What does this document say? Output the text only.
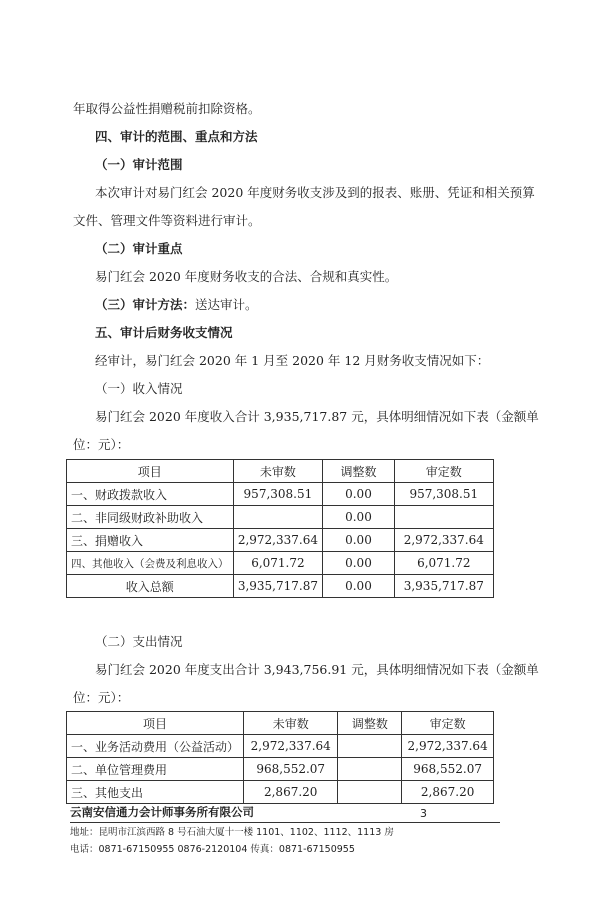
年取得公益性捐赠税前扣除资格。
四、审计的范围、重点和方法
（一）审计范围
本次审计对易门红会 2020 年度财务收支涉及到的报表、账册、凭证和相关预算
文件、管理文件等资料进行审计。
（二）审计重点
易门红会 2020 年度财务收支的合法、合规和真实性。
（三）审计方法：送达审计。
五、审计后财务收支情况
经审计，易门红会 2020 年 1 月至 2020 年 12 月财务收支情况如下：
（一）收入情况
易门红会 2020 年度收入合计 3,935,717.87 元，具体明细情况如下表（金额单
位：元）：
项目	未审数	调整数	审定数
一、财政拨款收入	957,308.51	0.00	957,308.51
二、非同级财政补助收入		0.00	
三、捐赠收入	2,972,337.64	0.00	2,972,337.64
四、其他收入（会费及利息收入）	6,071.72	0.00	6,071.72
收入总额	3,935,717.87	0.00	3,935,717.87
（二）支出情况
易门红会 2020 年度支出合计 3,943,756.91 元，具体明细情况如下表（金额单
位：元）：
项目	未审数	调整数	审定数
一、业务活动费用（公益活动）	2,972,337.64		2,972,337.64
二、单位管理费用	968,552.07		968,552.07
三、其他支出	2,867.20		2,867.20
云南安信通力会计师事务所有限公司	3
地址：昆明市江滨西路 8 号石油大厦十一楼 1101、1102、1112、1113 房
电话：0871-67150955 0876-2120104 传真：0871-67150955
